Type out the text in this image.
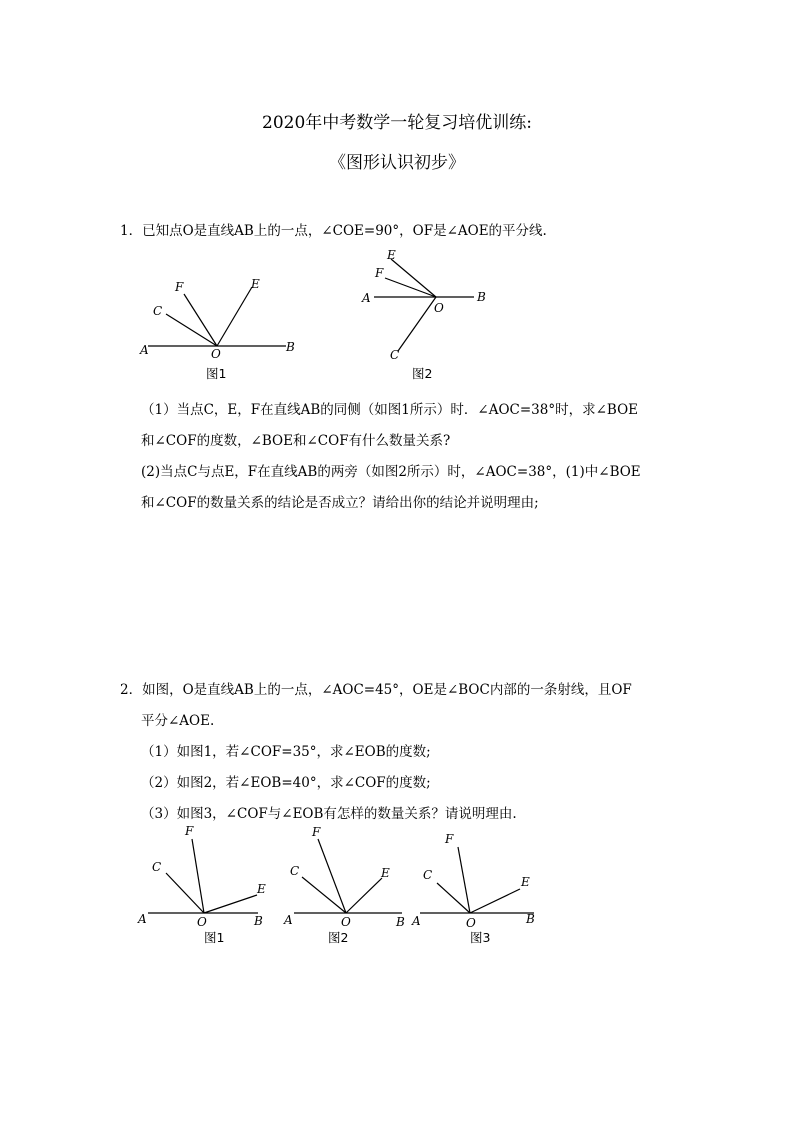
2020年中考数学一轮复习培优训练:
《图形认识初步》
1．已知点O是直线AB上的一点，∠COE=90°，OF是∠AOE的平分线.
A	B
O
C
F	E
图1
A	B
O
C
F
E
图2
（1）当点C，E，F在直线AB的同侧（如图1所示）时．∠AOC=38°时，求∠BOE
和∠COF的度数，∠BOE和∠COF有什么数量关系?
(2)当点C与点E，F在直线AB的两旁（如图2所示）时，∠AOC=38°，(1)中∠BOE
和∠COF的数量关系的结论是否成立？请给出你的结论并说明理由;
2．如图，O是直线AB上的一点，∠AOC=45°，OE是∠BOC内部的一条射线，且OF
平分∠AOE.
（1）如图1，若∠COF=35°，求∠EOB的度数;
（2）如图2，若∠EOB=40°，求∠COF的度数;
（3）如图3，∠COF与∠EOB有怎样的数量关系？请说明理由.
A	B
O
C
F
E
图1
A	B
O
C
F
E
图2
A	B
O
C
F
E
图3
